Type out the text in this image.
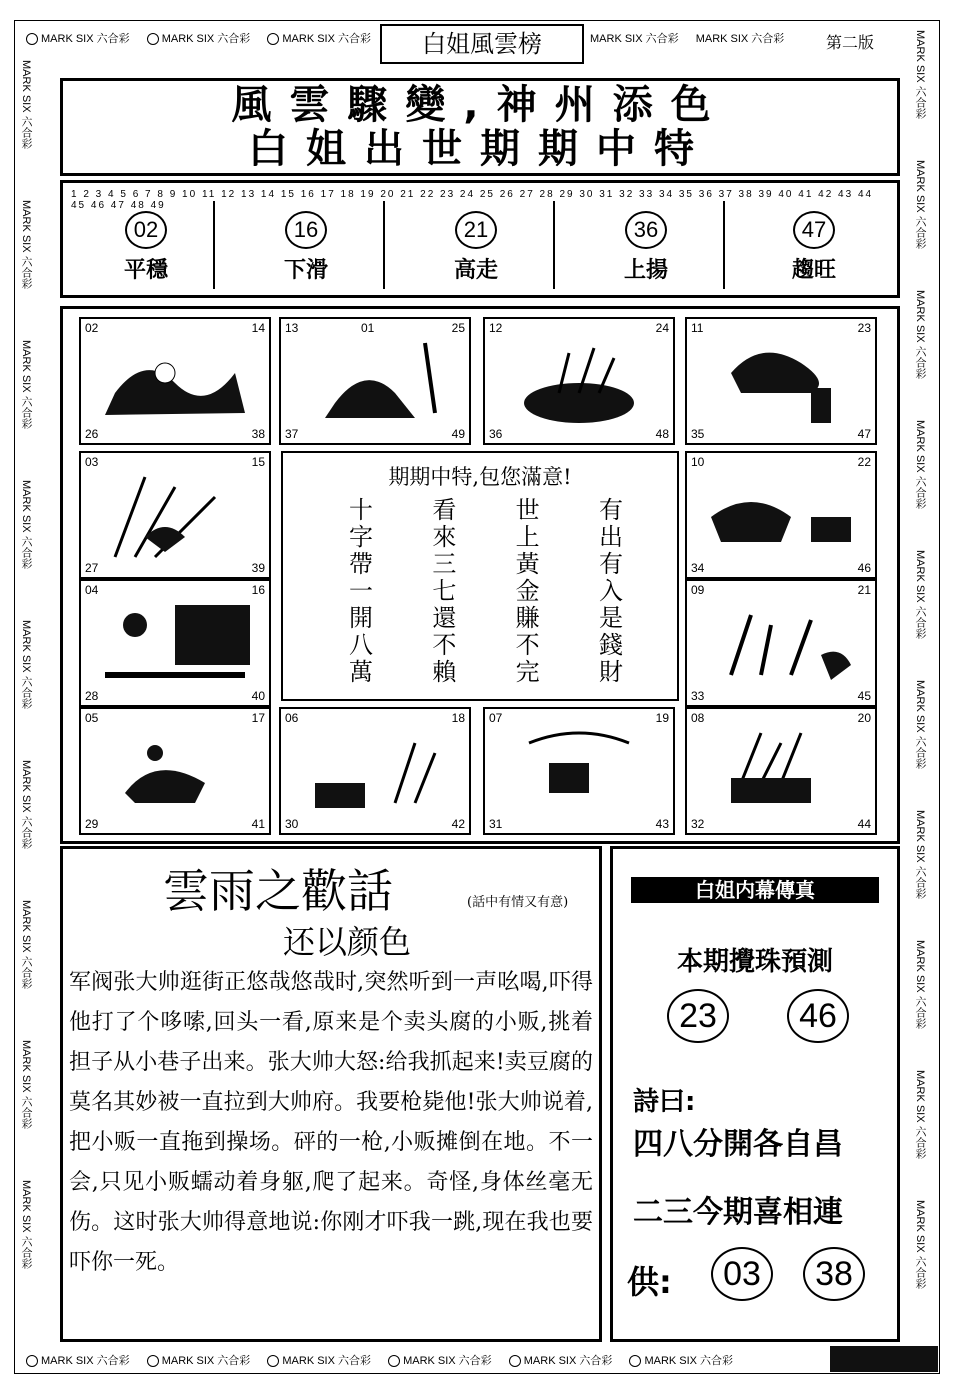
MARK SIX 六合彩	MARK SIX 六合彩	MARK SIX 六合彩	MARK SIX 六合彩 MARK SIX 六合彩
MARK SIX 六合彩	MARK SIX 六合彩	MARK SIX 六合彩	MARK SIX 六合彩	MARK SIX 六合彩	MARK SIX 六合彩
MARK SIX 六合彩
MARK SIX 六合彩
MARK SIX 六合彩
MARK SIX 六合彩
MARK SIX 六合彩
MARK SIX 六合彩
MARK SIX 六合彩
MARK SIX 六合彩
MARK SIX 六合彩
MARK SIX 六合彩
MARK SIX 六合彩
MARK SIX 六合彩
MARK SIX 六合彩
MARK SIX 六合彩
MARK SIX 六合彩
MARK SIX 六合彩
MARK SIX 六合彩
MARK SIX 六合彩
MARK SIX 六合彩
白姐風雲榜	第二版
風雲驟變,神州添色
白姐出世期期中特
1 2 3 4 5 6 7 8 9 10 11 12 13 14 15 16 17 18 19 20 21 22 23 24 25 26 27 28 29 30 31 32 33 34 35 36 37 38 39 40 41 42 43 44 45 46 47 48 49
02
平穩
16
下滑
21
高走
36
上揚
47
趨旺
02	14
26	38
13	25
37	49
01	12	24
36	48
11	23
35	47
03	15
27	39
10	22
34	46
04	16
28	40
09	21
33	45
05	17
29	41
06	18
30	42
07	19
31	43
08	20
32	44
期期中特,包您滿意!
十
字
帶
一
開
八
萬
看
來
三
七
還
不
賴
世
上
黃
金
賺
不
完
有
出
有
入
是
錢
財
雲雨之歡話	(話中有情又有意)
还以颜色
军阀张大帅逛街正悠哉悠哉时,突然听到一声吆喝,吓得他打了个哆嗦,回头一看,原来是个卖头腐的小贩,挑着担子从小巷子出来。张大帅大怒:给我抓起来!卖豆腐的莫名其妙被一直拉到大帅府。我要枪毙他!张大帅说着,把小贩一直拖到操场。砰的一枪,小贩摊倒在地。不一会,只见小贩蠕动着身躯,爬了起来。奇怪,身体丝毫无伤。这时张大帅得意地说:你刚才吓我一跳,现在我也要吓你一死。
白姐内幕傳真
本期攪珠預測
23	46
詩曰:
四八分開各自昌
二三今期喜相連
供:	03	38
